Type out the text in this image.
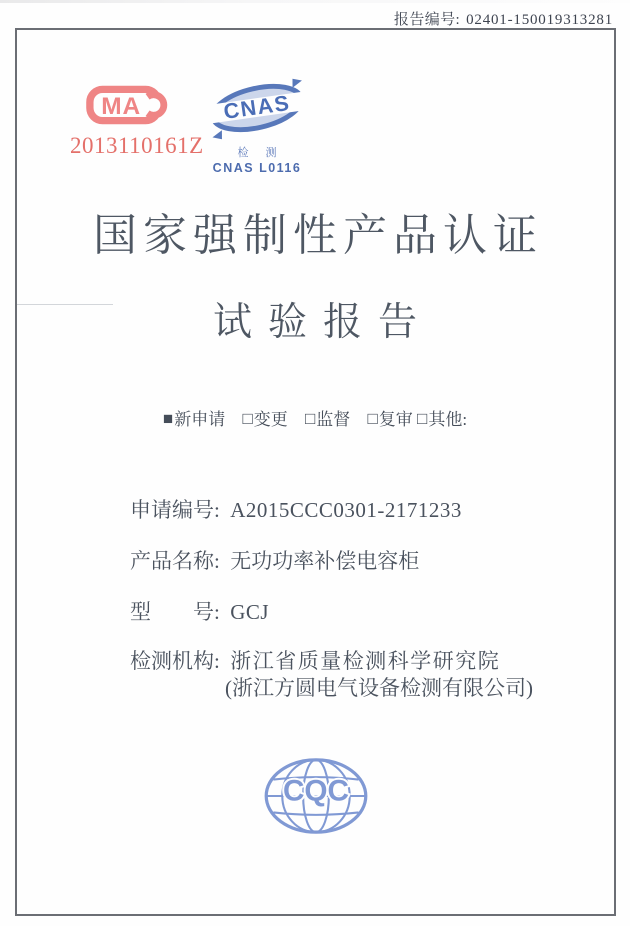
报告编号: 02401-150019313281
MA
2013110161Z
CNAS
检 测
CNAS L0116
国家强制性产品认证
试验报告
■新申请 □变更 □监督 □复审 □其他:
申请编号: A2015CCC0301-2171233
产品名称: 无功功率补偿电容柜
型　　号: GCJ
检测机构: 浙江省质量检测科学研究院
(浙江方圆电气设备检测有限公司)
CQC
